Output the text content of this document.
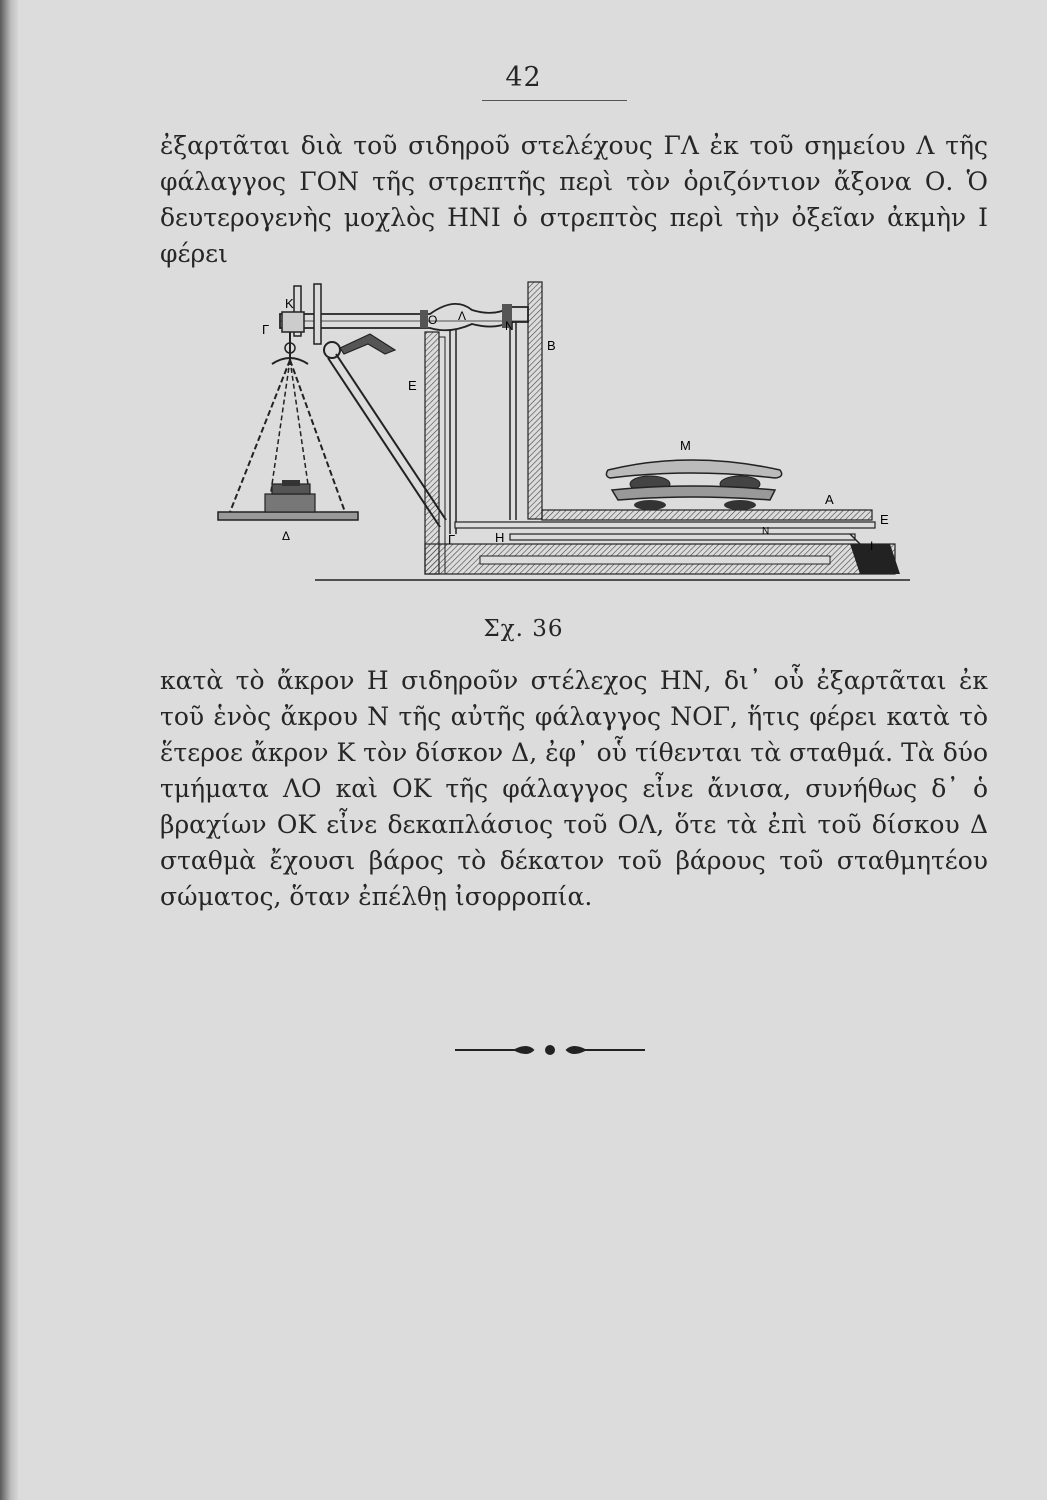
42

ἐξαρτᾶται διὰ τοῦ σιδηροῦ στελέχους ΓΛ ἐκ τοῦ σημείου Λ τῆς φάλαγγος ΓΟΝ τῆς στρεπτῆς περὶ τὸν ὁριζόντιον ἄξονα Ο. Ὁ δευτερογενὴς μοχλὸς ΗΝΙ ὁ στρεπτὸς περὶ τὴν ὀξεῖαν ἀκμὴν Ι φέρει

Κ
Γ
Ο Λ
Ν
Β
Ε
Μ
Α
Ε
Ν
Ι
Δ	Γ	Η
Σχ. 36

κατὰ τὸ ἄκρον Η σιδηροῦν στέλεχος ΗΝ, δι᾽ οὗ ἐξαρτᾶται ἐκ τοῦ ἑνὸς ἄκρου Ν τῆς αὐτῆς φάλαγγος ΝΟΓ, ἥτις φέρει κατὰ τὸ ἕτεροε ἄκρον Κ τὸν δίσκον Δ, ἐφ᾽ οὗ τίθενται τὰ σταθμά. Τὰ δύο τμήματα ΛΟ καὶ ΟΚ τῆς φάλαγγος εἶνε ἄνισα, συνήθως δ᾽ ὁ βραχίων ΟΚ εἶνε δεκαπλάσιος τοῦ ΟΛ, ὅτε τὰ ἐπὶ τοῦ δίσκου Δ σταθμὰ ἔχουσι βάρος τὸ δέκατον τοῦ βάρους τοῦ σταθμητέου σώματος, ὅταν ἐπέλθῃ ἰσορροπία.
